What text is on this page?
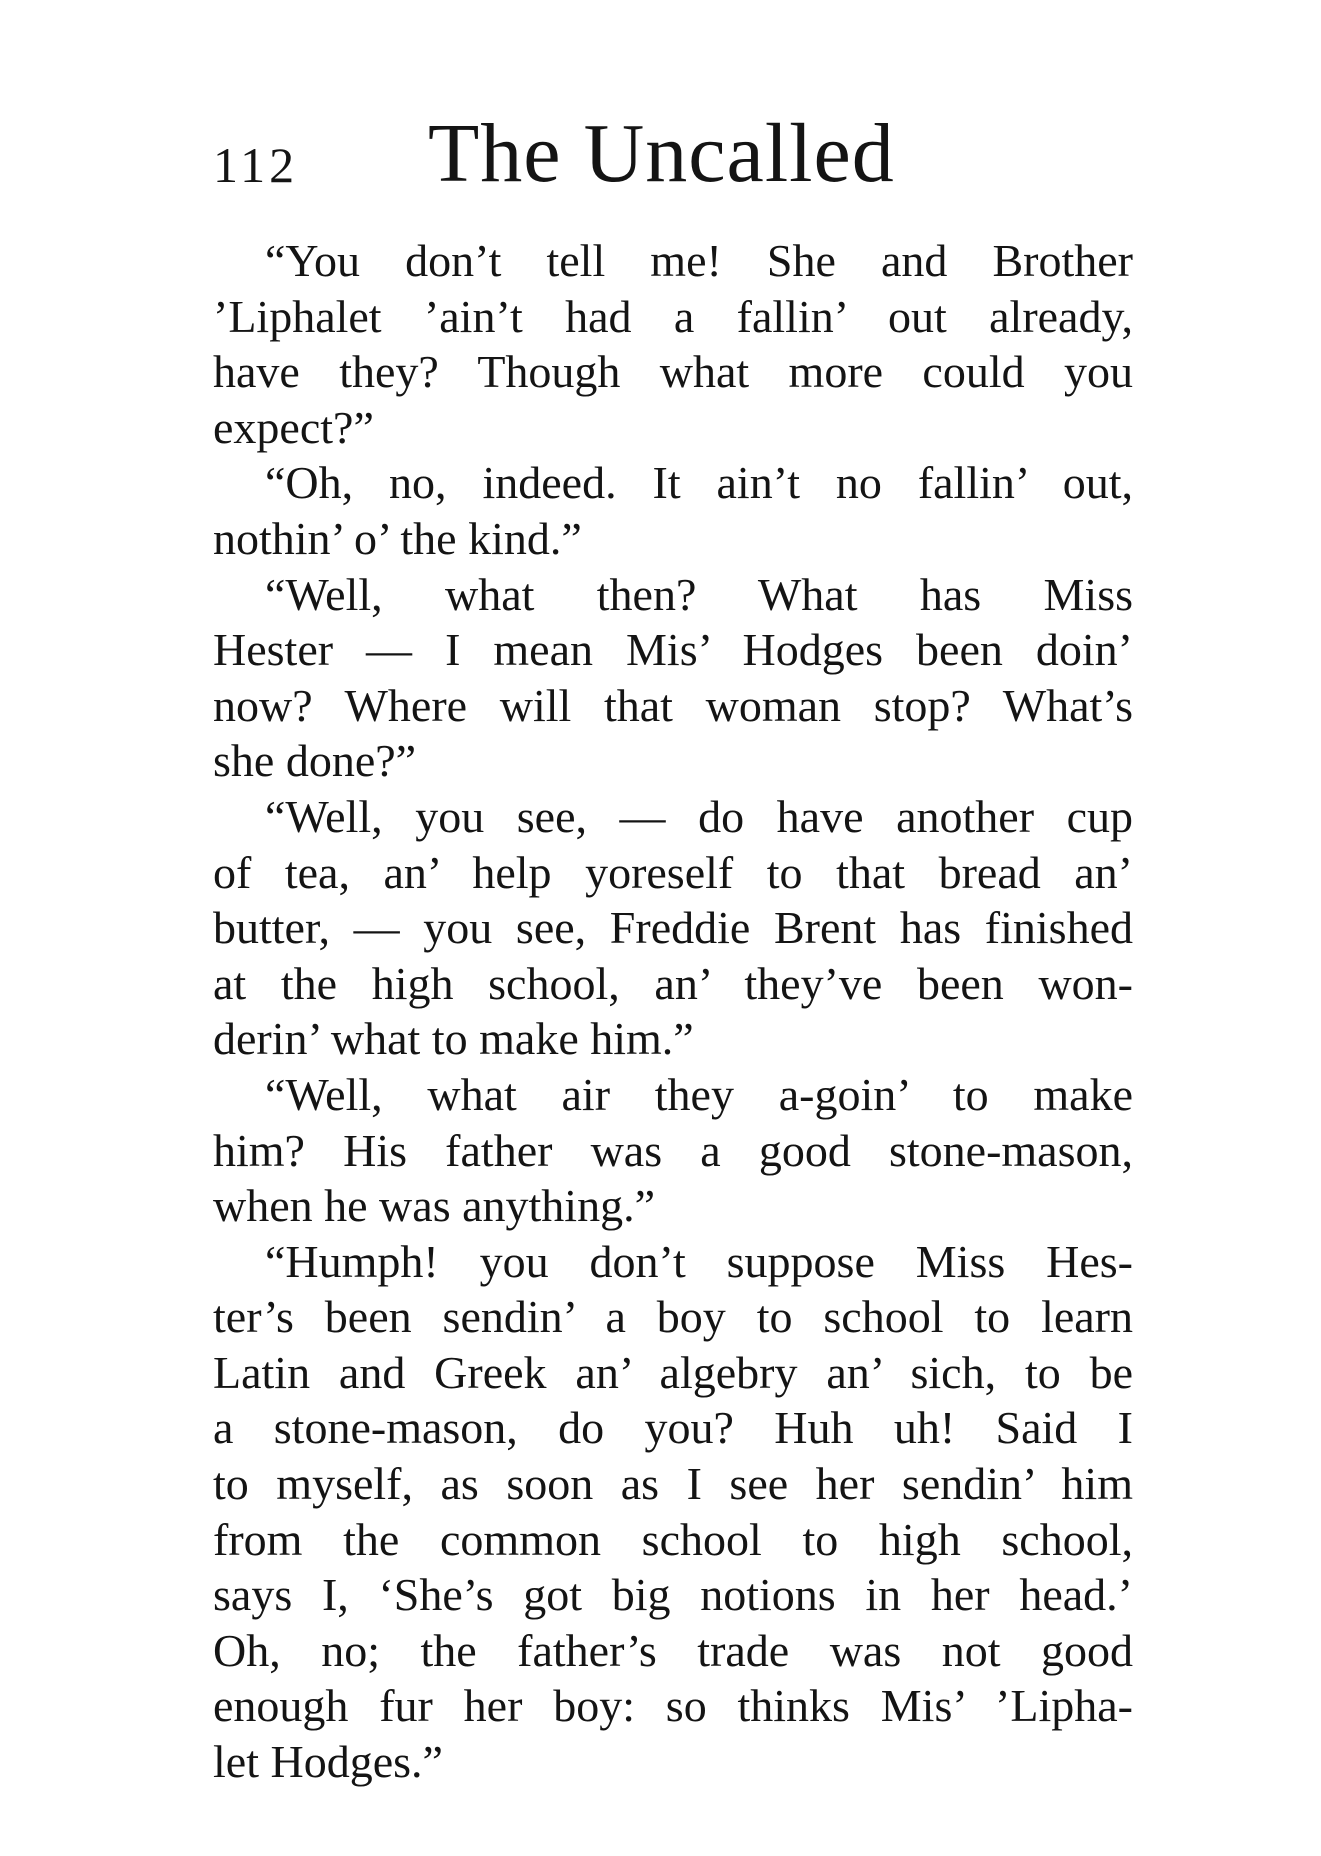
112 The Uncalled
“You don’t tell me! She and Brother
’Liphalet ’ain’t had a fallin’ out already,
have they? Though what more could you
expect?”
“Oh, no, indeed. It ain’t no fallin’ out,
nothin’ o’ the kind.”
“Well, what then? What has Miss
Hester — I mean Mis’ Hodges been doin’
now? Where will that woman stop? What’s
she done?”
“Well, you see, — do have another cup
of tea, an’ help yoreself to that bread an’
butter, — you see, Freddie Brent has finished
at the high school, an’ they’ve been won-
derin’ what to make him.”
“Well, what air they a-goin’ to make
him? His father was a good stone-mason,
when he was anything.”
“Humph! you don’t suppose Miss Hes-
ter’s been sendin’ a boy to school to learn
Latin and Greek an’ algebry an’ sich, to be
a stone-mason, do you? Huh uh! Said I
to myself, as soon as I see her sendin’ him
from the common school to high school,
says I, ‘She’s got big notions in her head.’
Oh, no; the father’s trade was not good
enough fur her boy: so thinks Mis’ ’Lipha-
let Hodges.”
